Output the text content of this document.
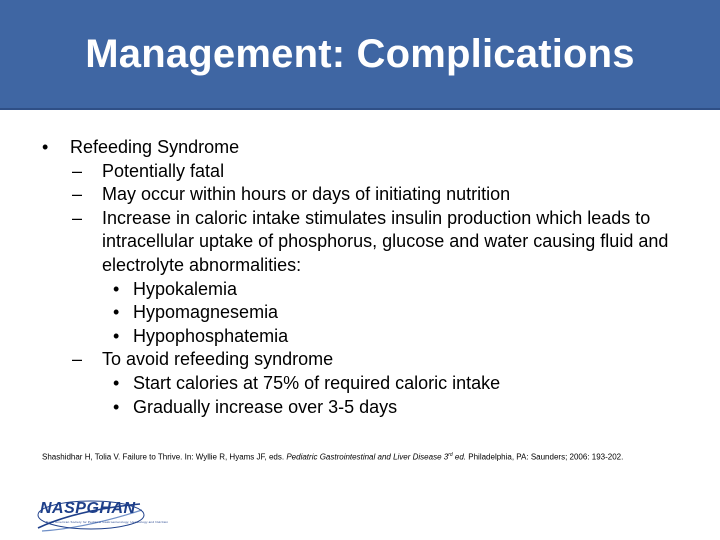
Management: Complications
• Refeeding Syndrome
– Potentially fatal
– May occur within hours or days of initiating nutrition
– Increase in caloric intake stimulates insulin production which leads to intracellular uptake of phosphorus, glucose and water causing fluid and electrolyte abnormalities:
• Hypokalemia
• Hypomagnesemia
• Hypophosphatemia
– To avoid refeeding syndrome
• Start calories at 75% of required caloric intake
• Gradually increase over 3-5 days
Shashidhar H, Tolia V. Failure to Thrive. In: Wyllie R, Hyams JF, eds. Pediatric Gastrointestinal and Liver Disease 3rd ed. Philadelphia, PA: Saunders; 2006: 193-202.
NASPGHAN
North American Society for Pediatric Gastroenterology, Hepatology and Nutrition
